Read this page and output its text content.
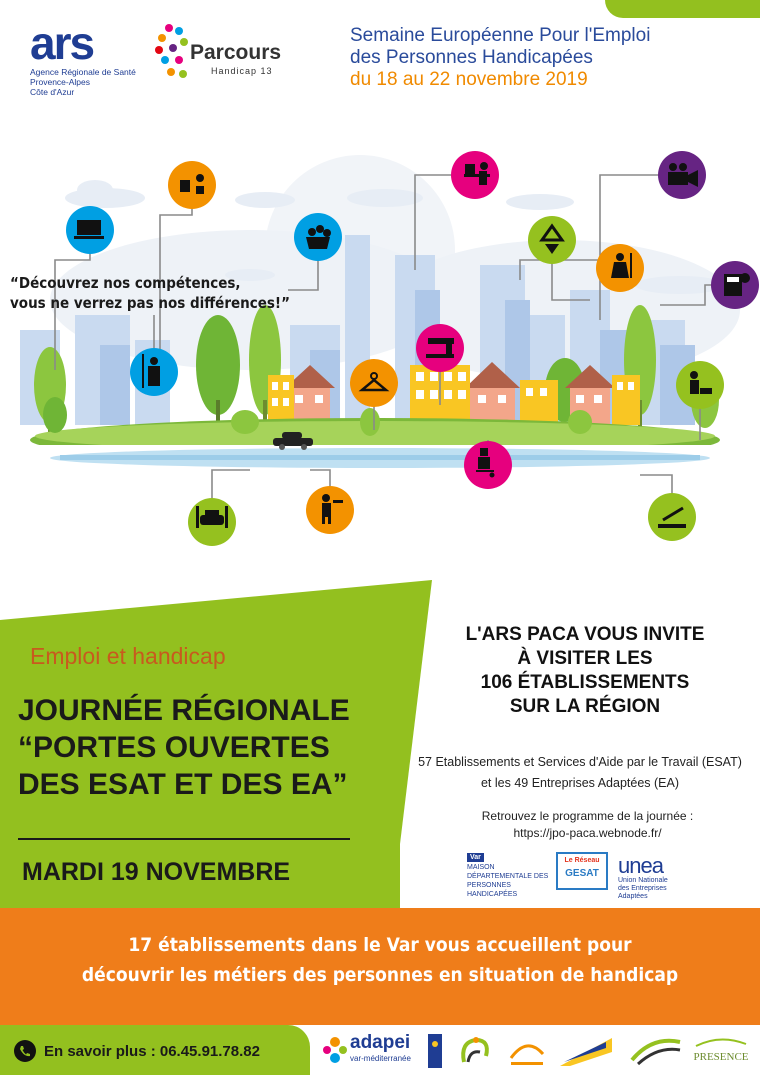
ars
Agence Régionale de Santé
Provence-Alpes
Côte d'Azur
Parcours
Handicap 13
Semaine Européenne Pour l'Emploi
des Personnes Handicapées
du 18 au 22 novembre 2019
“Découvrez nos compétences,
vous ne verrez pas nos différences!”
Emploi et handicap
JOURNÉE RÉGIONALE
“PORTES OUVERTES
DES ESAT ET DES EA”
MARDI 19 NOVEMBRE
L'ARS PACA VOUS INVITE
À VISITER LES
106 ÉTABLISSEMENTS
SUR LA RÉGION
57 Etablissements et Services d'Aide par le Travail (ESAT)
et les 49 Entreprises Adaptées (EA)
Retrouvez le programme de la journée :
https://jpo-paca.webnode.fr/
Var
MAISON
DÉPARTEMENTALE DES
PERSONNES
HANDICAPÉES
Le Réseau
GESAT unea
Union Nationale
des Entreprises Adaptées
17 établissements dans le Var vous accueillent pour
découvrir les métiers des personnes en situation de handicap
En savoir plus : 06.45.91.78.82	adapei
var-méditerranée	PRESENCE
